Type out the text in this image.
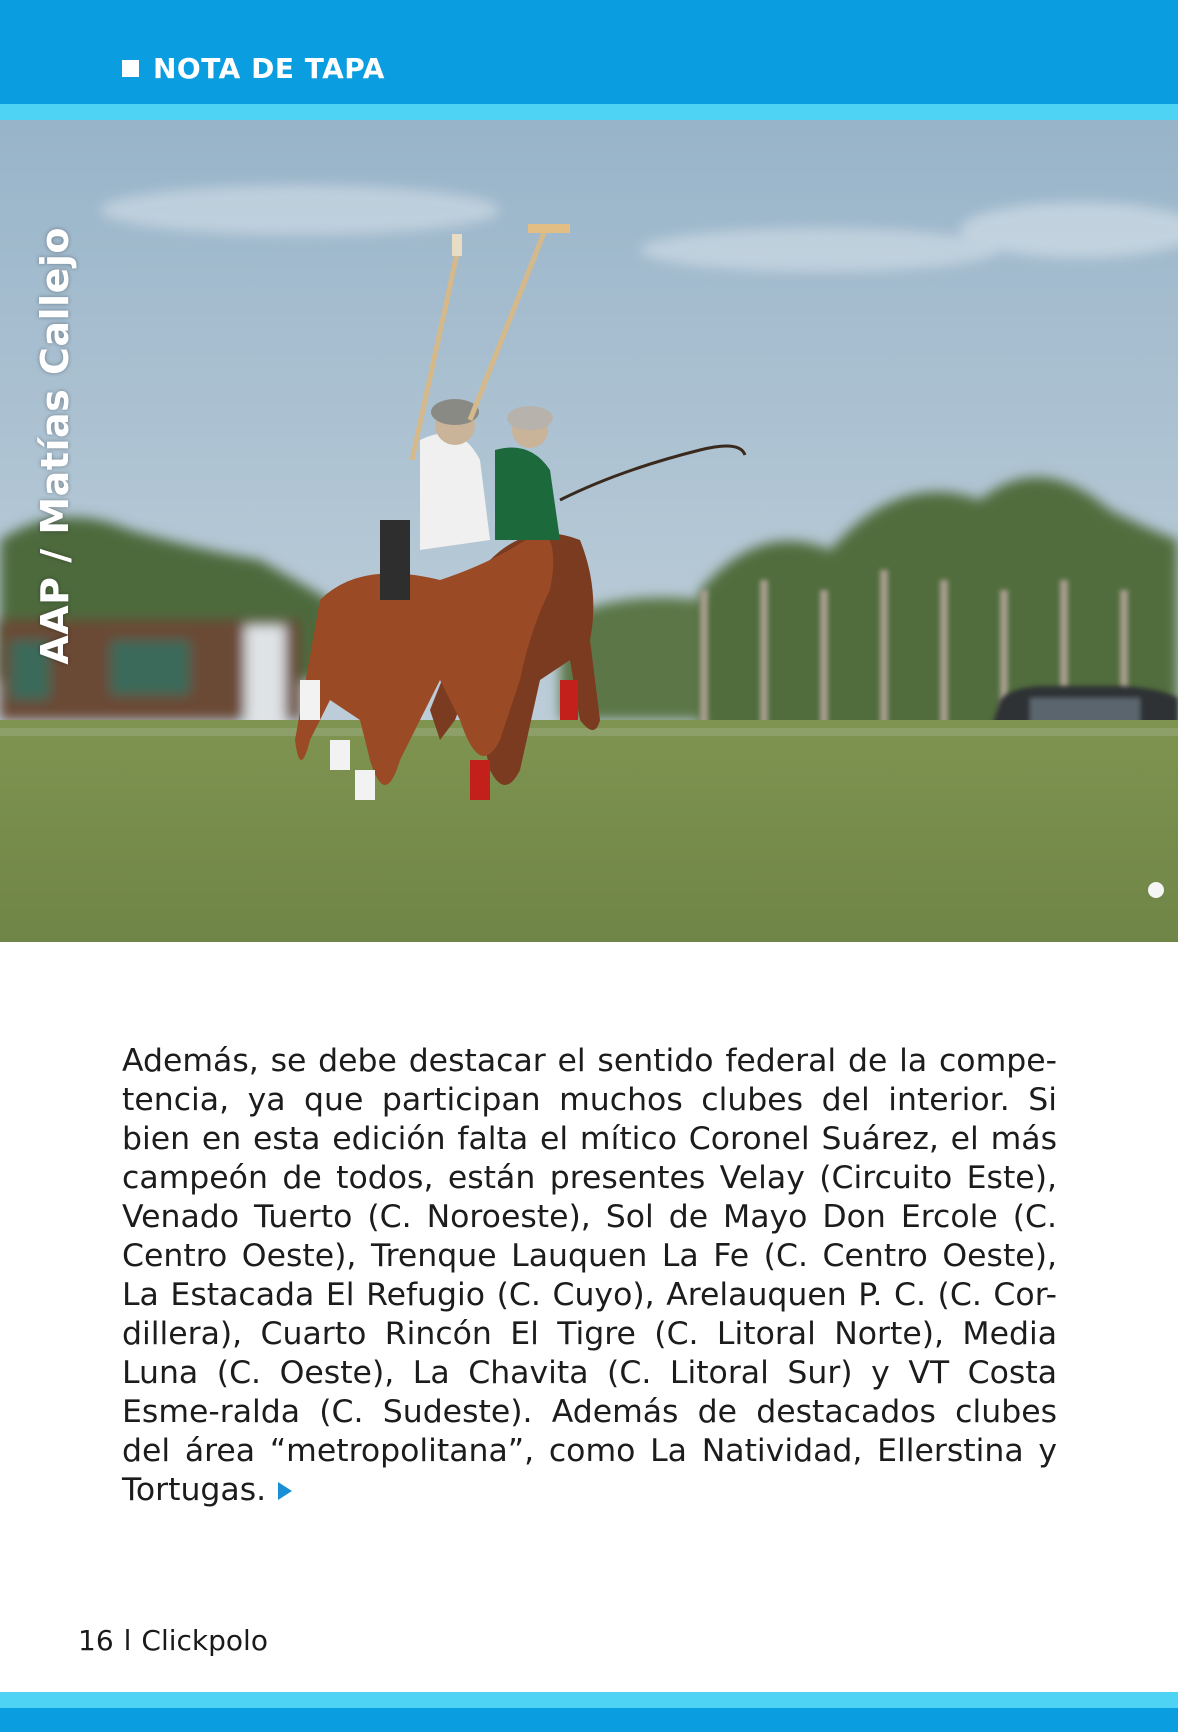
NOTA DE TAPA
AAP / Matías Callejo

Además, se debe destacar el sentido federal de la compe-tencia, ya que participan muchos clubes del interior. Si bien en esta edición falta el mítico Coronel Suárez, el más campeón de todos, están presentes Velay (Circuito Este), Venado Tuerto (C. Noroeste), Sol de Mayo Don Ercole (C. Centro Oeste), Trenque Lauquen La Fe (C. Centro Oeste), La Estacada El Refugio (C. Cuyo), Arelauquen P. C. (C. Cor-dillera), Cuarto Rincón El Tigre (C. Litoral Norte), Media Luna (C. Oeste), La Chavita (C. Litoral Sur) y VT Costa Esme-ralda (C. Sudeste). Además de destacados clubes del área “metropolitana”, como La Natividad, Ellerstina y Tortugas.

16 l Clickpolo
